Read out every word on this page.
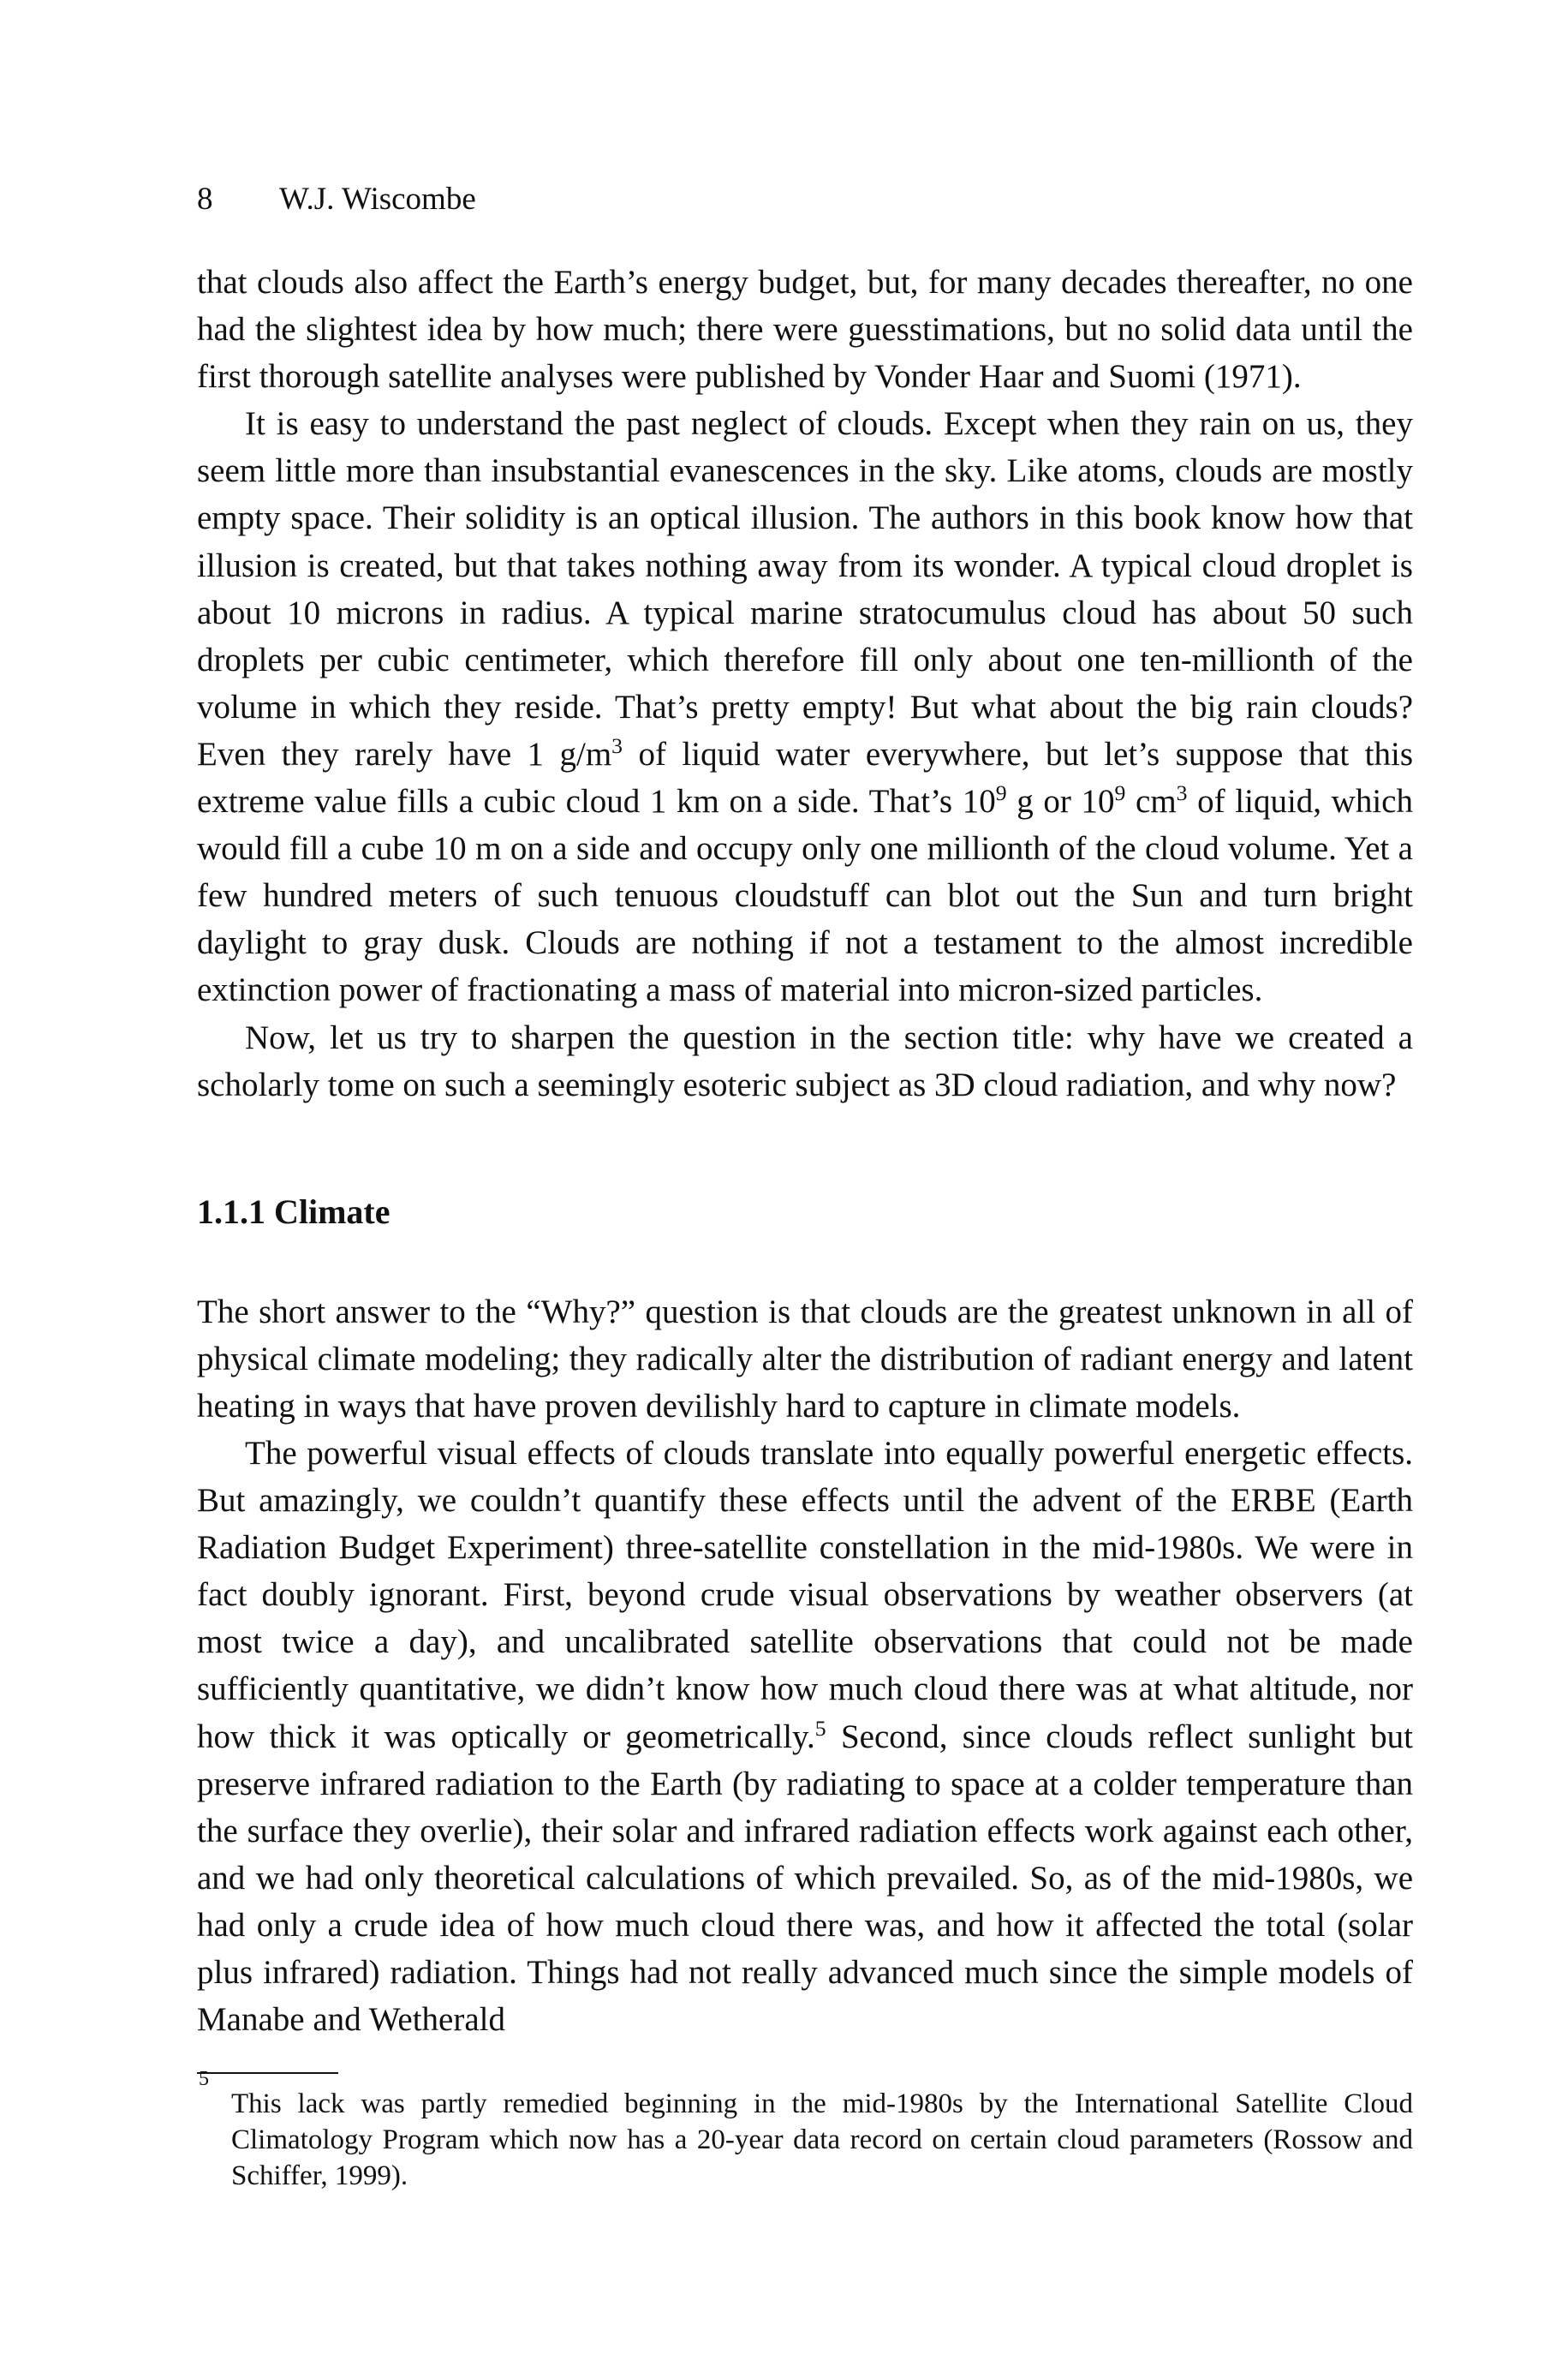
8 W.J. Wiscombe

that clouds also affect the Earth’s energy budget, but, for many decades thereafter, no one had the slightest idea by how much; there were guesstimations, but no solid data until the first thorough satellite analyses were published by Vonder Haar and Suomi (1971).

It is easy to understand the past neglect of clouds. Except when they rain on us, they seem little more than insubstantial evanescences in the sky. Like atoms, clouds are mostly empty space. Their solidity is an optical illusion. The authors in this book know how that illusion is created, but that takes nothing away from its wonder. A typical cloud droplet is about 10 microns in radius. A typical marine stratocumulus cloud has about 50 such droplets per cubic centimeter, which therefore fill only about one ten-millionth of the volume in which they reside. That’s pretty empty! But what about the big rain clouds? Even they rarely have 1 $g/m^3$ of liquid water everywhere, but let’s suppose that this extreme value fills a cubic cloud 1 km on a side. That’s $10^9$ g or $10^9$ $cm^3$ of liquid, which would fill a cube 10 m on a side and occupy only one millionth of the cloud volume. Yet a few hundred meters of such tenuous cloudstuff can blot out the Sun and turn bright daylight to gray dusk. Clouds are nothing if not a testament to the almost incredible extinction power of fractionating a mass of material into micron-sized particles.

Now, let us try to sharpen the question in the section title: why have we created a scholarly tome on such a seemingly esoteric subject as 3D cloud radiation, and why now?

1.1.1 Climate

The short answer to the “Why?” question is that clouds are the greatest unknown in all of physical climate modeling; they radically alter the distribution of radiant energy and latent heating in ways that have proven devilishly hard to capture in climate models.

The powerful visual effects of clouds translate into equally powerful energetic effects. But amazingly, we couldn’t quantify these effects until the advent of the ERBE (Earth Radiation Budget Experiment) three-satellite constellation in the mid-1980s. We were in fact doubly ignorant. First, beyond crude visual observations by weather observers (at most twice a day), and uncalibrated satellite observations that could not be made sufficiently quantitative, we didn’t know how much cloud there was at what altitude, nor how thick it was optically or geometrically.$^5$ Second, since clouds reflect sunlight but preserve infrared radiation to the Earth (by radiating to space at a colder temperature than the surface they overlie), their solar and infrared radiation effects work against each other, and we had only theoretical calculations of which prevailed. So, as of the mid-1980s, we had only a crude idea of how much cloud there was, and how it affected the total (solar plus infrared) radiation. Things had not really advanced much since the simple models of Manabe and Wetherald

5
This lack was partly remedied beginning in the mid-1980s by the International Satellite Cloud Climatology Program which now has a 20-year data record on certain cloud parameters (Rossow and Schiffer, 1999).
